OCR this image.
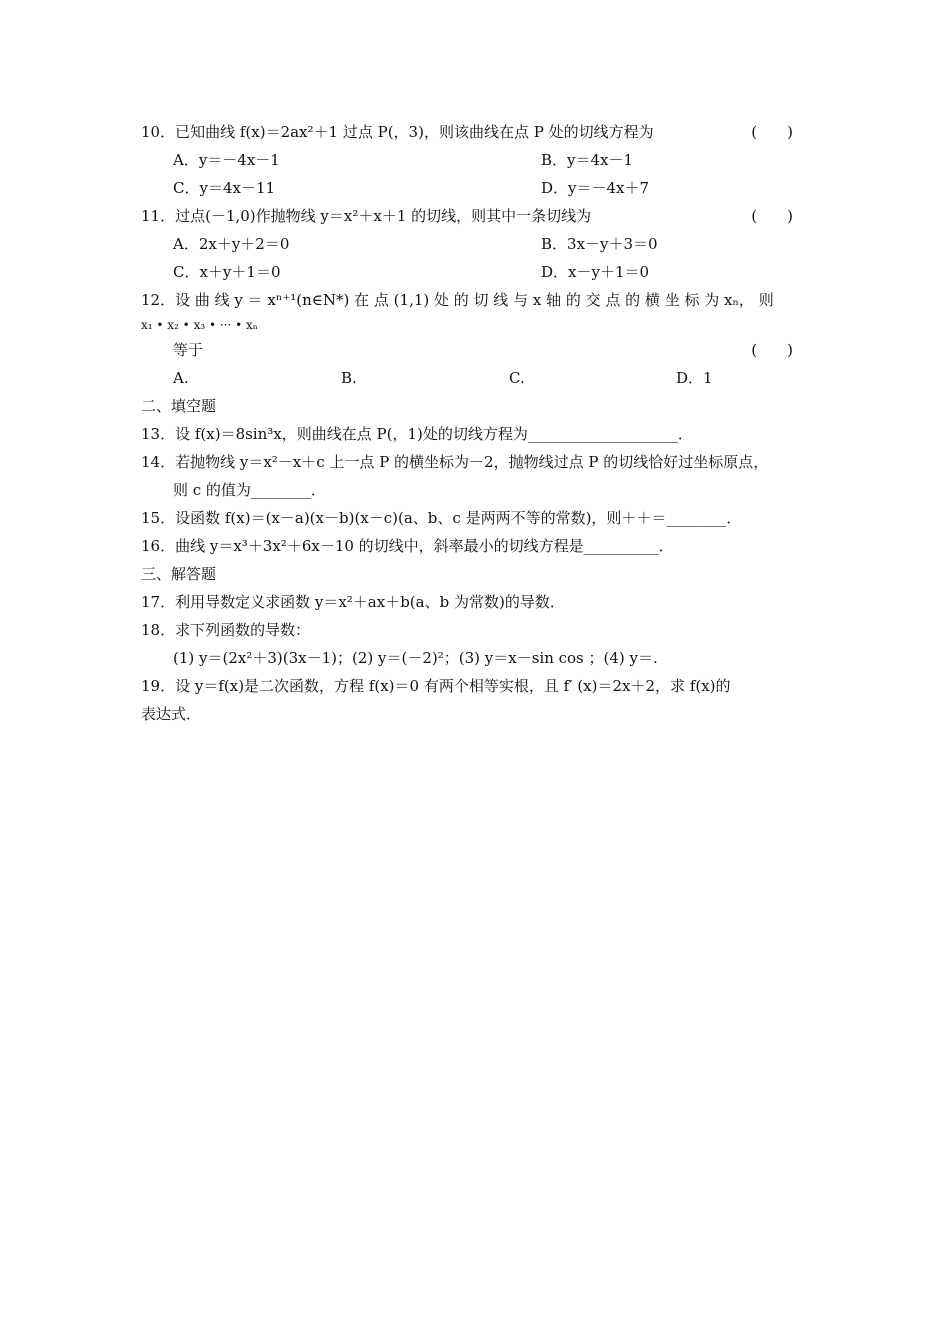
10．已知曲线 f(x)＝2ax²＋1 过点 P(，3)，则该曲线在点 P 处的切线方程为	(　　)
A．y＝－4x－1	B．y＝4x－1
C．y＝4x－11	D．y＝－4x＋7
11．过点(－1,0)作抛物线 y＝x²＋x＋1 的切线，则其中一条切线为	(　　)
A．2x＋y＋2＝0	B．3x－y＋3＝0
C．x＋y＋1＝0	D．x－y＋1＝0
12．设 曲 线 y ＝ xⁿ⁺¹(n∈N*) 在 点 (1,1) 处 的 切 线 与 x 轴 的 交 点 的 横 坐 标 为 xₙ， 则
x₁ • x₂ • x₃ • ··· • xₙ
等于	(　　)
A.	B.	C.	D．1
二、填空题
13．设 f(x)＝8sin³x，则曲线在点 P(，1)处的切线方程为____________________．
14．若抛物线 y＝x²－x＋c 上一点 P 的横坐标为－2，抛物线过点 P 的切线恰好过坐标原点，
则 c 的值为________．
15．设函数 f(x)＝(x－a)(x－b)(x－c)(a、b、c 是两两不等的常数)，则＋＋＝________．
16．曲线 y＝x³＋3x²＋6x－10 的切线中，斜率最小的切线方程是__________．
三、解答题
17．利用导数定义求函数 y＝x²＋ax＋b(a、b 为常数)的导数．
18．求下列函数的导数：
(1) y＝(2x²＋3)(3x－1)；(2) y＝(－2)²；(3) y＝x－sin cos ；(4) y＝.
19．设 y＝f(x)是二次函数，方程 f(x)＝0 有两个相等实根，且 f′ (x)＝2x＋2，求 f(x)的
表达式．
